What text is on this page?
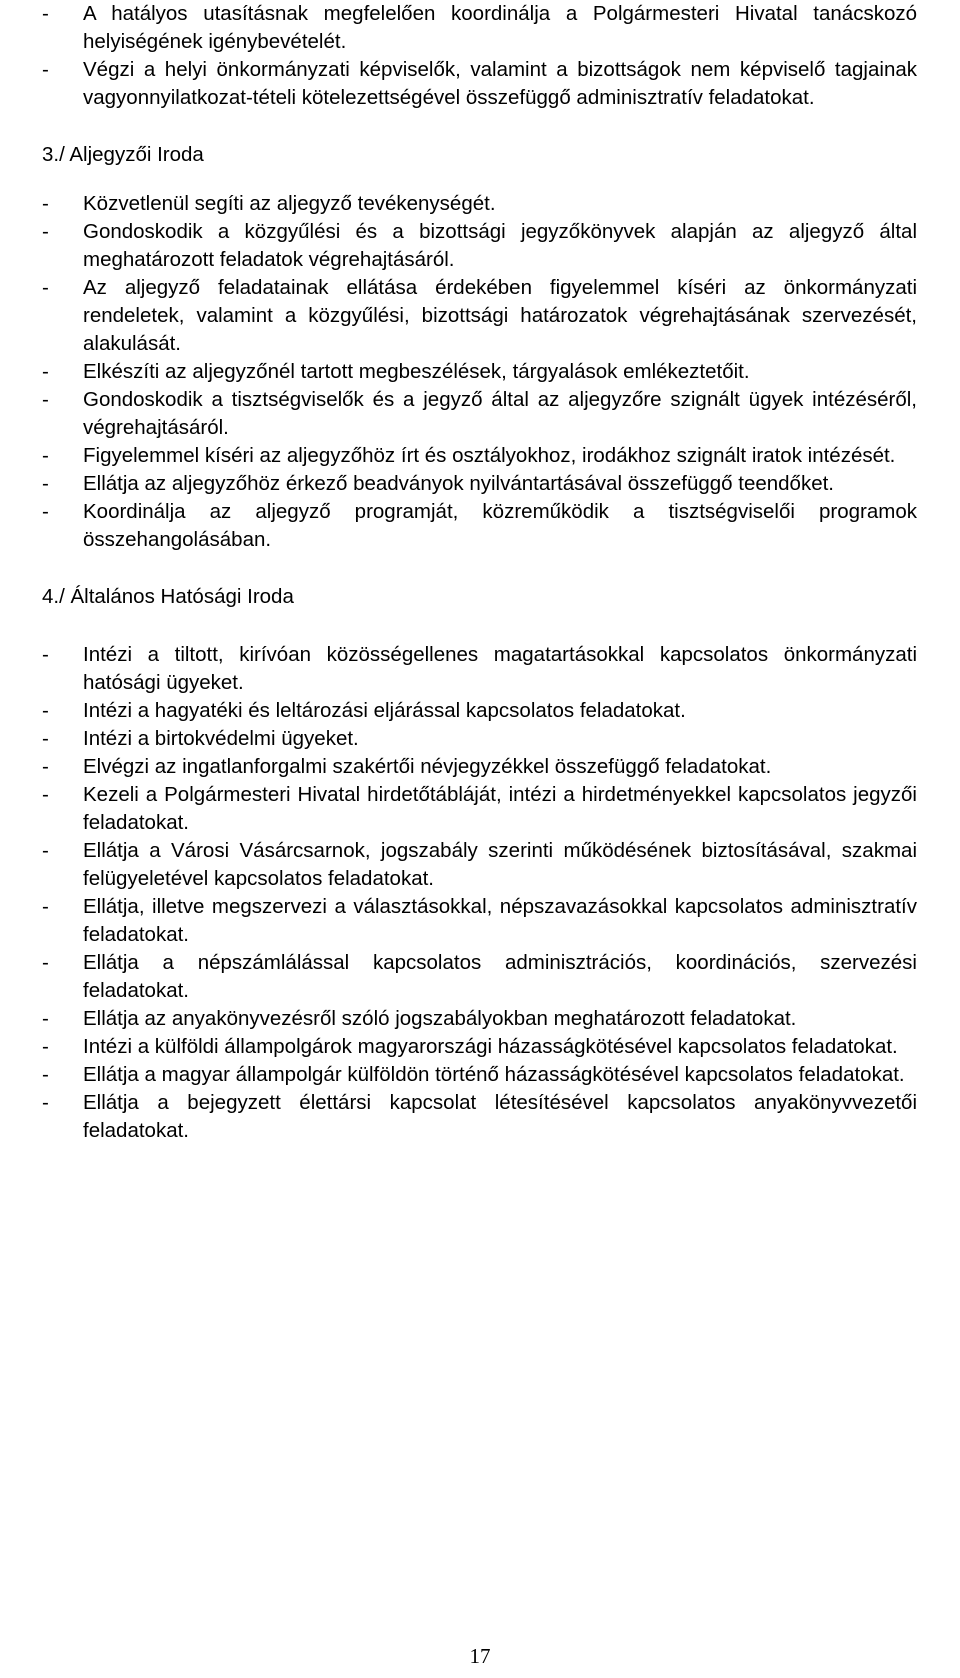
- A hatályos utasításnak megfelelően koordinálja a Polgármesteri Hivatal tanácskozó helyiségének igénybevételét.
- Végzi a helyi önkormányzati képviselők, valamint a bizottságok nem képviselő tagjainak vagyonnyilatkozat-tételi kötelezettségével összefüggő adminisztratív feladatokat.
3./ Aljegyzői Iroda
- Közvetlenül segíti az aljegyző tevékenységét.
- Gondoskodik a közgyűlési és a bizottsági jegyzőkönyvek alapján az aljegyző által meghatározott feladatok végrehajtásáról.
- Az aljegyző feladatainak ellátása érdekében figyelemmel kíséri az önkormányzati rendeletek, valamint a közgyűlési, bizottsági határozatok végrehajtásának szervezését, alakulását.
- Elkészíti az aljegyzőnél tartott megbeszélések, tárgyalások emlékeztetőit.
- Gondoskodik a tisztségviselők és a jegyző által az aljegyzőre szignált ügyek intézéséről, végrehajtásáról.
- Figyelemmel kíséri az aljegyzőhöz írt és osztályokhoz, irodákhoz szignált iratok intézését.
- Ellátja az aljegyzőhöz érkező beadványok nyilvántartásával összefüggő teendőket.
- Koordinálja az aljegyző programját, közreműködik a tisztségviselői programok összehangolásában.
4./ Általános Hatósági Iroda
- Intézi a tiltott, kirívóan közösségellenes magatartásokkal kapcsolatos önkormányzati hatósági ügyeket.
- Intézi a hagyatéki és leltározási eljárással kapcsolatos feladatokat.
- Intézi a birtokvédelmi ügyeket.
- Elvégzi az ingatlanforgalmi szakértői névjegyzékkel összefüggő feladatokat.
- Kezeli a Polgármesteri Hivatal hirdetőtábláját, intézi a hirdetményekkel kapcsolatos jegyzői feladatokat.
- Ellátja a Városi Vásárcsarnok, jogszabály szerinti működésének biztosításával, szakmai felügyeletével kapcsolatos feladatokat.
- Ellátja, illetve megszervezi a választásokkal, népszavazásokkal kapcsolatos adminisztratív feladatokat.
- Ellátja a népszámlálással kapcsolatos adminisztrációs, koordinációs, szervezési feladatokat.
- Ellátja az anyakönyvezésről szóló jogszabályokban meghatározott feladatokat.
- Intézi a külföldi állampolgárok magyarországi házasságkötésével kapcsolatos feladatokat.
- Ellátja a magyar állampolgár külföldön történő házasságkötésével kapcsolatos feladatokat.
- Ellátja a bejegyzett élettársi kapcsolat létesítésével kapcsolatos anyakönyvvezetői feladatokat.
17
